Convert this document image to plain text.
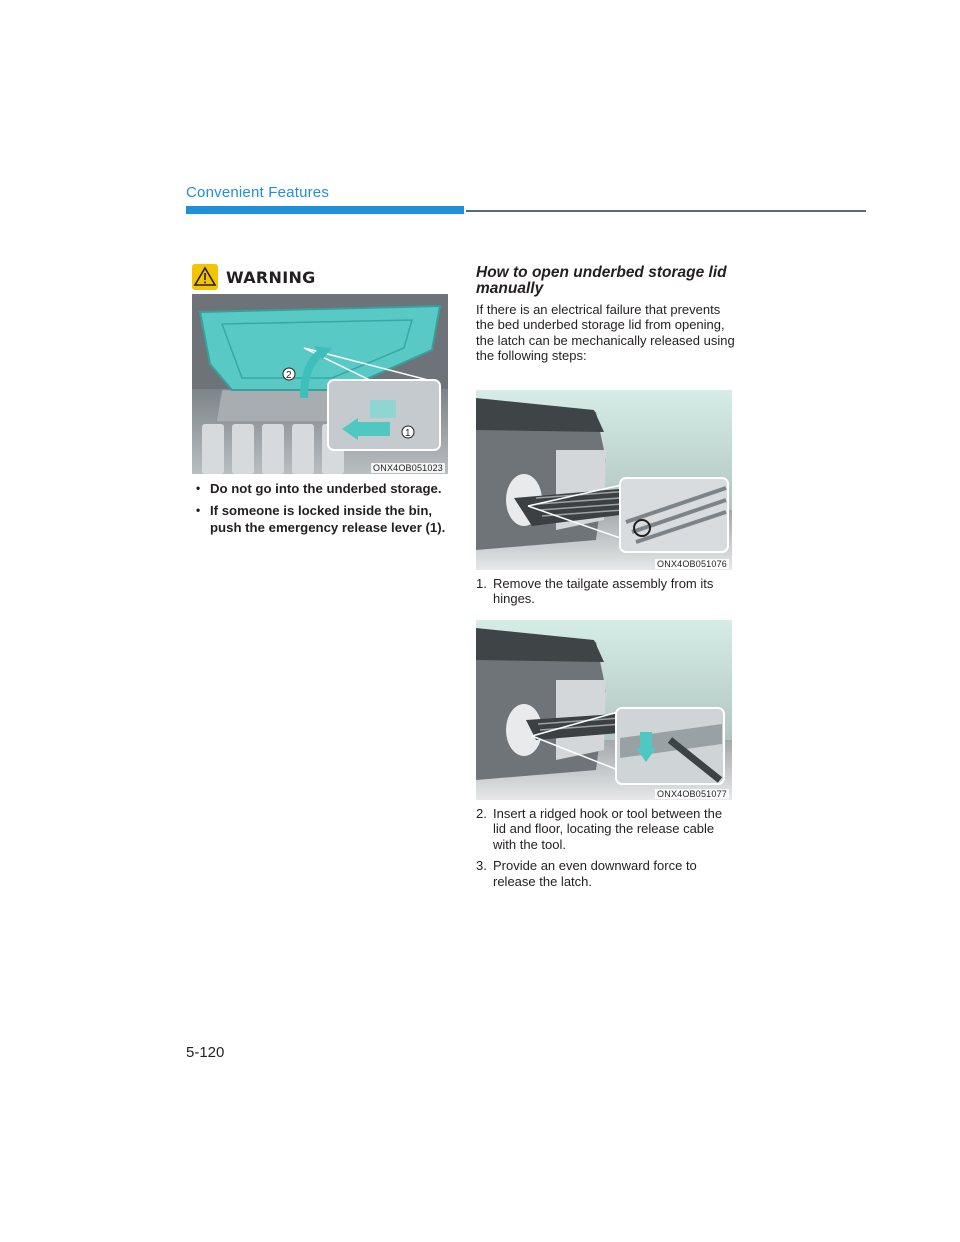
Convenient Features
WARNING
2
1
ONX4OB051023
• Do not go into the underbed storage.
• If someone is locked inside the bin, push the emergency release lever (1).
How to open underbed storage lid manually
If there is an electrical failure that prevents the bed underbed storage lid from opening, the latch can be mechanically released using the following steps:
ONX4OB051076
1. Remove the tailgate assembly from its hinges.
ONX4OB051077
2. Insert a ridged hook or tool between the lid and floor, locating the release cable with the tool.
3. Provide an even downward force to release the latch.
5-120
